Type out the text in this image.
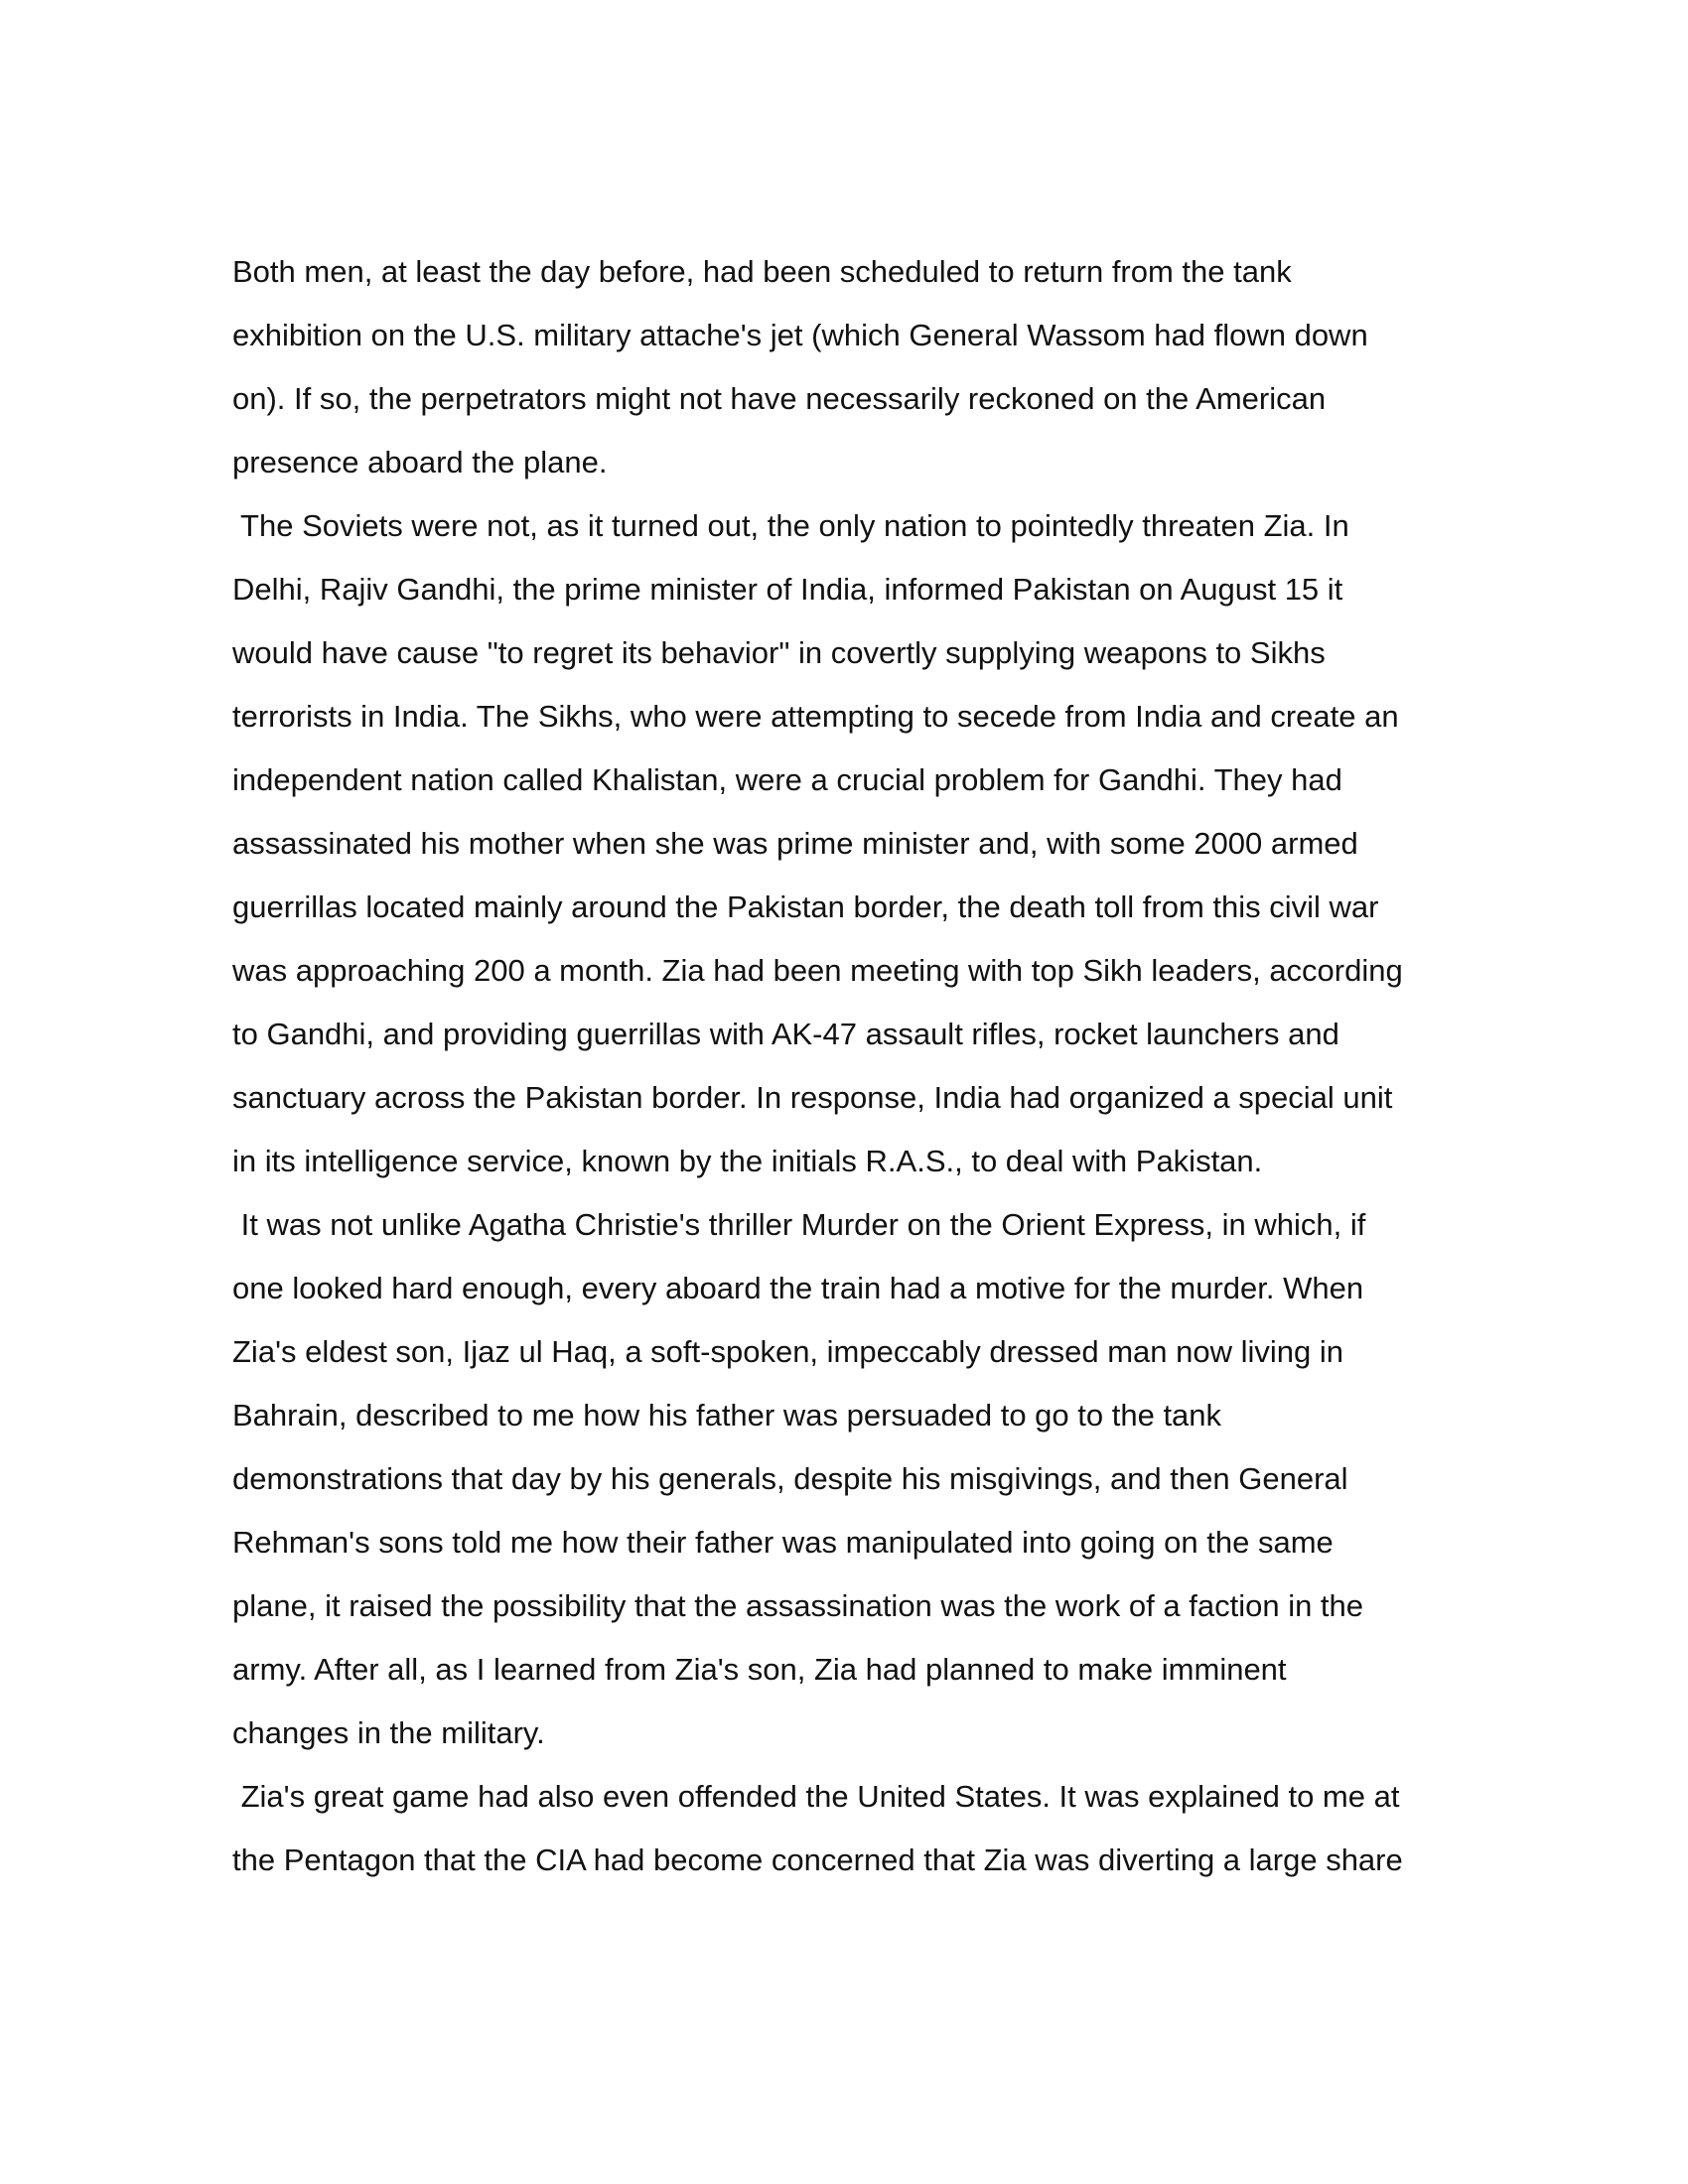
Both men, at least the day before, had been scheduled to return from the tank
exhibition on the U.S. military attache's jet (which General Wassom had flown down
on). If so, the perpetrators might not have necessarily reckoned on the American
presence aboard the plane.
The Soviets were not, as it turned out, the only nation to pointedly threaten Zia. In
Delhi, Rajiv Gandhi, the prime minister of India, informed Pakistan on August 15 it
would have cause "to regret its behavior" in covertly supplying weapons to Sikhs
terrorists in India. The Sikhs, who were attempting to secede from India and create an
independent nation called Khalistan, were a crucial problem for Gandhi. They had
assassinated his mother when she was prime minister and, with some 2000 armed
guerrillas located mainly around the Pakistan border, the death toll from this civil war
was approaching 200 a month. Zia had been meeting with top Sikh leaders, according
to Gandhi, and providing guerrillas with AK-47 assault rifles, rocket launchers and
sanctuary across the Pakistan border. In response, India had organized a special unit
in its intelligence service, known by the initials R.A.S., to deal with Pakistan.
It was not unlike Agatha Christie's thriller Murder on the Orient Express, in which, if
one looked hard enough, every aboard the train had a motive for the murder. When
Zia's eldest son, Ijaz ul Haq, a soft-spoken, impeccably dressed man now living in
Bahrain, described to me how his father was persuaded to go to the tank
demonstrations that day by his generals, despite his misgivings, and then General
Rehman's sons told me how their father was manipulated into going on the same
plane, it raised the possibility that the assassination was the work of a faction in the
army. After all, as I learned from Zia's son, Zia had planned to make imminent
changes in the military.
Zia's great game had also even offended the United States. It was explained to me at
the Pentagon that the CIA had become concerned that Zia was diverting a large share
